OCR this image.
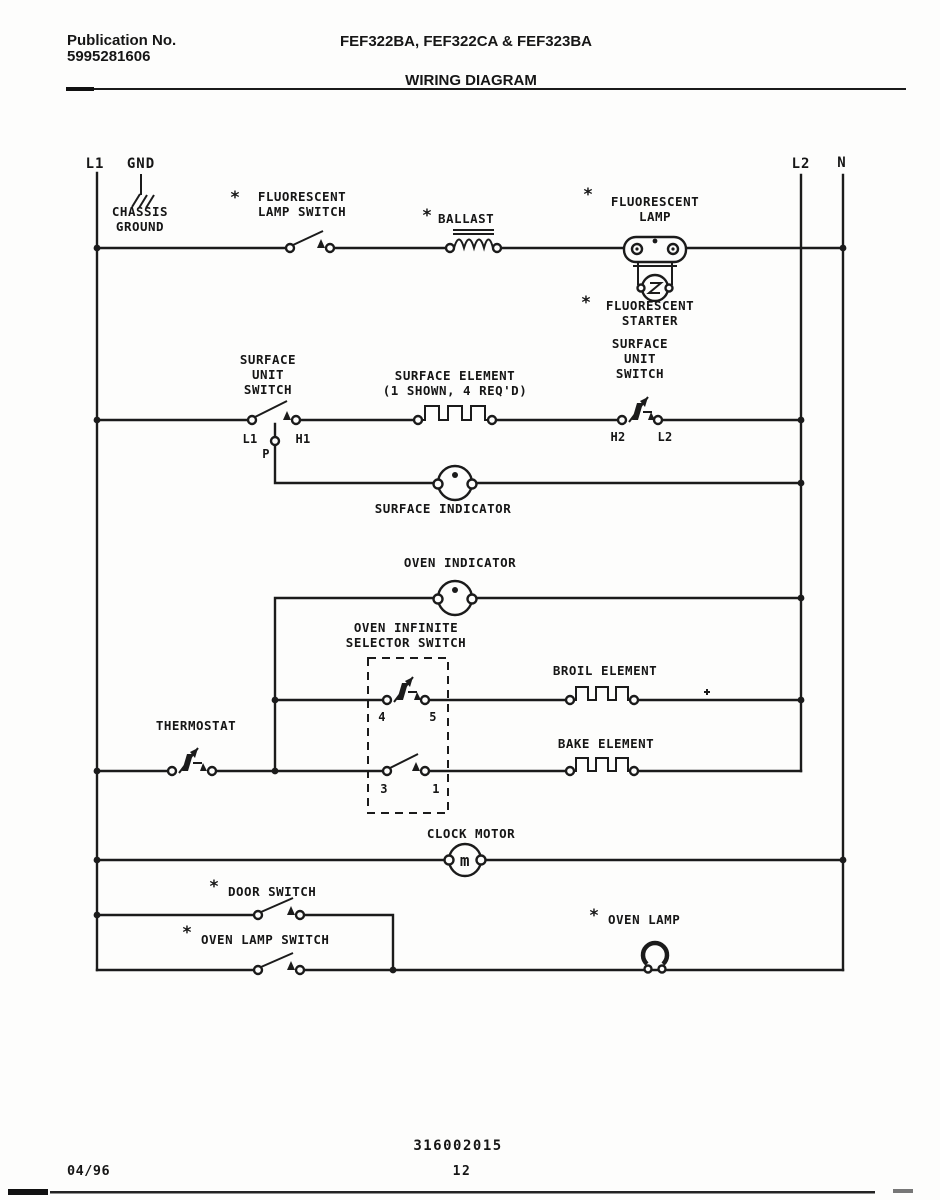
Publication No.
5995281606
FEF322BA, FEF322CA & FEF323BA
WIRING DIAGRAM
L1 GND	L2 N
CHASSIS
GROUND
* FLUORESCENT
LAMP SWITCH	* BALLAST
* FLUORESCENT
LAMP
* FLUORESCENT
STARTER
SURFACE
UNIT
SWITCH
L1
P
H1
SURFACE ELEMENT
(1 SHOWN, 4 REQ'D)
SURFACE
UNIT
SWITCH
H2	L2
SURFACE INDICATOR
OVEN INDICATOR
OVEN INFINITE
SELECTOR SWITCH
4	5
3	1
BROIL ELEMENT
BAKE ELEMENT
THERMOSTAT
CLOCK MOTOR
m
* DOOR SWITCH
* OVEN LAMP SWITCH
* OVEN LAMP
316002015
12
04/96
